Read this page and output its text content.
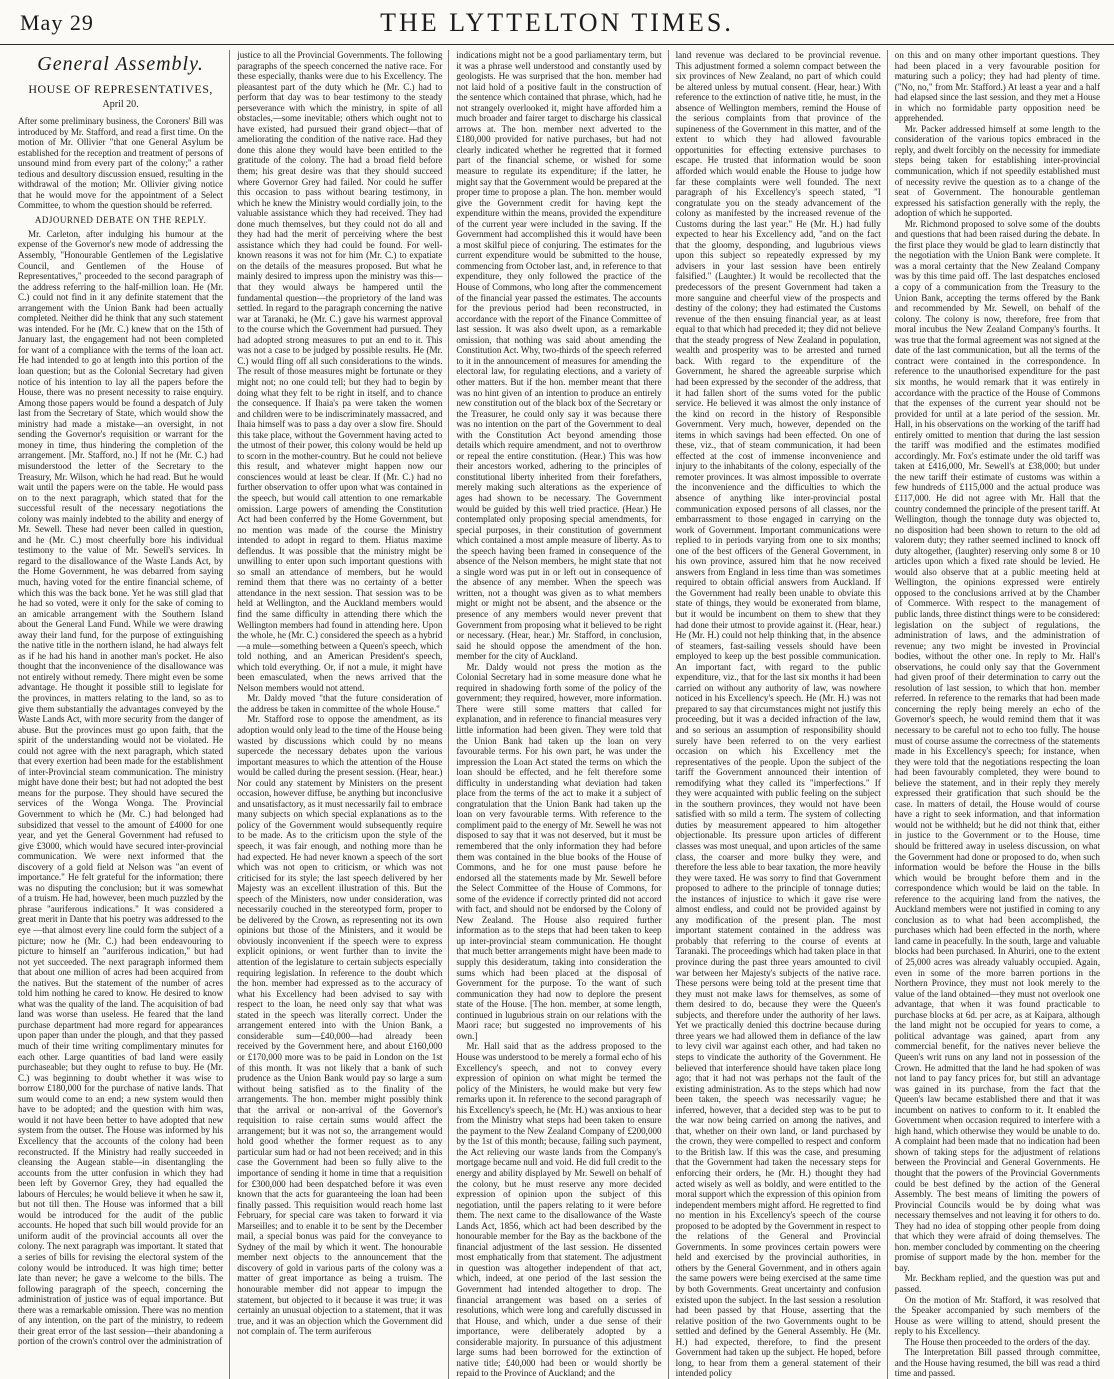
May 29	THE LYTTELTON TIMES.
General Assembly.
HOUSE OF REPRESENTATIVES,
April 20.

After some preliminary business, the Coroners' Bill was introduced by Mr. Stafford, and read a first time. On the motion of Mr. Ollivier "that one General Asylum be established for the reception and treatment of persons of unsound mind from every part of the colony;" a rather tedious and desultory discussion ensued, resulting in the withdrawal of the motion; Mr. Ollivier giving notice that he would move for the appointment of a Select Committee, to whom the question should be referred.

ADJOURNED DEBATE ON THE REPLY.

Mr. Carleton, after indulging his humour at the expense of the Governor's new mode of addressing the Assembly, "Honourable Gentlemen of the Legislative Council, and Gentlemen of the House of Representatives," proceeded to the second paragraph of the address referring to the half-million loan. He (Mr. C.) could not find in it any definite statement that the arrangement with the Union Bank had been actually completed. Neither did he think that any such statement was intended. For he (Mr. C.) knew that on the 15th of January last, the engagement had not been completed for want of a compliance with the terms of the loan act. He had intended to go at length into this portion of the loan question; but as the Colonial Secretary had given notice of his intention to lay all the papers before the House, there was no present necessity to raise enquiry. Among those papers would be found a despatch of July last from the Secretary of State, which would show the ministry had made a mistake—an oversight, in not sending the Governor's requisition or warrant for the money in time, thus hindering the completion of the arrangement. [Mr. Stafford, no.] If not he (Mr. C.) had misunderstood the letter of the Secretary to the Treasury, Mr. Wilson, which he had read. But he would wait until the papers were on the table. He would pass on to the next paragraph, which stated that for the successful result of the necessary negotiations the colony was mainly indebted to the ability and energy of Mr. Sewell. These had never been called in question, and he (Mr. C.) most cheerfully bore his individual testimony to the value of Mr. Sewell's services. In regard to the disallowance of the Waste Lands Act, by the Home Government, he was debarred from saying much, having voted for the entire financial scheme, of which this was the back bone. Yet he was still glad that he had so voted, were it only for the sake of coming to an amicable arrangement with the Southern Island about the General Land Fund. While we were drawing away their land fund, for the purpose of extinguishing the native title in the northern island, he had always felt as if he had his hand in another man's pocket. He also thought that the inconvenience of the disallowance was not entirely without remedy. There might even be some advantage. He thought it possible still to legislate for the provinces, in matters relating to the land, so as to give them substantially the advantages conveyed by the Waste Lands Act, with more security from the danger of abuse. But the provinces must go upon faith, that the spirit of the understanding would not be violated. He could not agree with the next paragraph, which stated that every exertion had been made for the establishment of inter-Provincial steam communication. The ministry might have done their best; but had not adopted the best means for the purpose. They should have secured the services of the Wonga Wonga. The Provincial Government to which he (Mr. C.) had belonged had subsidized that vessel to the amount of £4000 for one year, and yet the General Government had refused to give £3000, which would have secured inter-provincial communication. We were next informed that the discovery of a gold field at Nelson was "an event of importance." He felt grateful for the information; there was no disputing the conclusion; but it was somewhat of a truism. He had, however, been much puzzled by the phrase "auriferous indications." It was considered a great merit in Dante that his poetry was addressed to the eye —that almost every line could form the subject of a picture; now he (Mr. C.) had been endeavouring to picture to himself an "auriferous indication," but had not yet succeeded. The next paragraph informed them that about one million of acres had been acquired from the natives. But the statement of the number of acres told him nothing he cared to know. He desired to know what was the quality of the land. The acquisition of bad land was worse than useless. He feared that the land purchase department had more regard for appearances upon paper than under the plough, and that they passed much of their time writing complimentary minutes for each other. Large quantities of bad land were easily purchaseable; but they ought to refuse to buy. He (Mr. C.) was beginning to doubt whether it was wise to borrow £180,000 for the purchase of native lands. That sum would come to an end; a new system would then have to be adopted; and the question with him was, would it not have been better to have adopted that new system from the outset. The House was informed by his Excellency that the accounts of the colony had been reconstructed. If the Ministry had really succeeded in cleansing the Augean stable—in disentangling the accounts from the utter confusion in which they had been left by Governor Grey, they had equalled the labours of Hercules; he would believe it when he saw it, but not till then. The House was informed that a bill would be introduced for the audit of the public accounts. He hoped that such bill would provide for an uniform audit of the provincial accounts all over the colony. The next paragraph was important. It stated that a series of bills for revising the electoral system of the colony would be introduced. It was high time; better late than never; he gave a welcome to the bills. The following paragraph of the speech, concerning the administration of justice was of equal importance. But there was a remarkable omission. There was no mention of any intention, on the part of the ministry, to redeem their great error of the last session—their abandoning a portion of the crown's control over the administration of

justice to all the Provincial Governments. The following paragraphs of the speech concerned the native race. For these especially, thanks were due to his Excellency. The pleasantest part of the duty which he (Mr. C.) had to perform that day was to bear testimony to the steady perseverance with which the ministry, in spite of all obstacles,—some inevitable; others which ought not to have existed, had pursued their grand object—that of ameliorating the condition of the native race. Had they done this alone they would have been entitled to the gratitude of the colony. The had a broad field before them; his great desire was that they should succeed where Governor Grey had failed. Nor could he suffer this occasion to pass without bearing testimony, in which he knew the Ministry would cordially join, to the valuable assistance which they had received. They had done much themselves, but they could not do all and they had had the merit of perceiving where the best assistance which they had could be found. For well-known reasons it was not for him (Mr. C.) to expatiate on the details of the measures proposed. But what he mainly desired to impress upon the ministry was this—that they would always be hampered until the fundamental question—the proprietory of the land was settled. In regard to the paragraph concerning the native war at Taranaki, he (Mr. C.) gave his warmest approval to the course which the Government had pursued. They had adopted strong measures to put an end to it. This was not a case to be judged by possible results. He (Mr. C.) would fling off all such considerations to the winds. The result of those measures might be fortunate or they might not; no one could tell; but they had to begin by doing what they felt to be right in itself, and to chance the consequence. If Ihaia's pa were taken the women and children were to be indiscriminately massacred, and Ihaia himself was to pass a day over a slow fire. Should this take place, without the Government having acted to the utmost of their power, this colony would be held up to scorn in the mother-country. But he could not believe this result, and whatever might happen now our consciences would at least be clear. If (Mr. C.) had no further observation to offer upon what was contained in the speech, but would call attention to one remarkable omission. Large powers of amending the Constitution Act had been conferred by the Home Government, but no mention was made of the course the Ministry intended to adopt in regard to them. Hiatus maxime deflendus. It was possible that the ministry might be unwilling to enter upon such important questions with so small an attendance of members, but he would remind them that there was no certainty of a better attendance in the next session. That session was to be held at Wellington, and the Auckland members would find the same difficulty in attending there which the Wellington members had found in attending here. Upon the whole, he (Mr. C.) considered the speech as a hybrid—a mule—something between a Queen's speech, which told nothing, and an American President's speech, which told everything. Or, if not a mule, it might have been emasculated, when the news arrived that the Nelson members would not attend.

Mr. Daldy moved "that the future consideration of the address be taken in committee of the whole House."

Mr. Stafford rose to oppose the amendment, as its adoption would only lead to the time of the House being wasted by discussions which could by no means supercede the necessary debates upon the various important measures to which the attention of the House would be called during the present session. (Hear, hear.) Nor could any statement by Ministers on the present occasion, however diffuse, be anything but inconclusive and unsatisfactory, as it must necessarily fail to embrace many subjects on which special explanations as to the policy of the Government would subsequently require to be made. As to the criticism upon the style of the speech, it was fair enough, and nothing more than he had expected. He had never known a speech of the sort which was not open to criticism, or which was not criticised for its style; the last speech delivered by her Majesty was an excellent illustration of this. But the speech of the Ministers, now under consideration, was necessarily couched in the stereotyped form, proper to be delivered by the Crown, as representing not its own opinions but those of the Ministers, and it would be obviously inconvenient if the speech were to express explicit opinions, or went further than to invite the attention of the legislature to certain subjects especially requiring legislation. In reference to the doubt which the hon. member had expressed as to the accuracy of what his Excellency had been advised to say with respect to the loan, he need only say that what was stated in the speech was literally correct. Under the arrangement entered into with the Union Bank, a considerable sum—£40,000—had already been received by the Government here, and about £160,000 or £170,000 more was to be paid in London on the 1st of this month. It was not likely that a bank of such prudence as the Union Bank would pay so large a sum without being satisfied as to the finality of the arrangements. The hon. member might possibly think that the arrival or non-arrival of the Governor's requisition to raise certain sums would affect the arrangement; but it was not so, the arrangement would hold good whether the former request as to any particular sum had or had not been received; and in this case the Government had been so fully alive to the importance of sending it home in time that a requisition for £300,000 had been despatched before it was even known that the acts for guaranteeing the loan had been finally passed. This requisition would reach home last February, for special care was taken to forward it via Marseilles; and to enable it to be sent by the December mail, a special bonus was paid for the conveyance to Sydney of the mail by which it went. The honourable member next objects to the announcement that the discovery of gold in various parts of the colony was a matter of great importance as being a truism. The honourable member did not appear to impugn the statement, but objected to it because it was true; it was certainly an unusual objection to a statement, that it was true, and it was an objection which the Government did not complain of. The term auriferous

indications might not be a good parliamentary term, but it was a phrase well understood and constantly used by geologists. He was surprised that the hon. member had not laid hold of a positive fault in the construction of the sentence which contained that phrase, which, had he not strangely overlooked it, might have afforded him a much broader and fairer target to discharge his classical arrows at. The hon. member next adverted to the £180,000 provided for native purchases, but had not clearly indicated whether he regretted that it formed part of the financial scheme, or wished for some measure to regulate its expenditure; if the latter, he might say that the Government would be prepared at the proper time to propose a plan. The hon. member would give the Government credit for having kept the expenditure within the means, provided the expenditure of the current year were included in the saving. If the Government had accomplished this it would have been a most skilful piece of conjuring. The estimates for the current expenditure would be submitted to the house, commencing from October last, and, in reference to that expenditure, they only followed the practice of the House of Commons, who long after the commencement of the financial year passed the estimates. The accounts for the previous period had been reconstructed, in accordance with the report of the Finance Committee of last session. It was also dwelt upon, as a remarkable omission, that nothing was said about amending the Constitution Act. Why, two-thirds of the speech referred to it in the announcement of measures for amending the electoral law, for regulating elections, and a variety of other matters. But if the hon. member meant that there was no hint given of an intention to produce an entirely new constitution out of the black box of the Secretary or the Treasurer, he could only say it was because there was no intention on the part of the Government to deal with the Constitution Act beyond amending those details which require amendment, and not to overthrow or repeal the entire constitution. (Hear.) This was how their ancestors worked, adhering to the principles of constitutional liberty inherited from their forefathers, merely making such alterations as the experience of ages had shown to be necessary. The Government would be guided by this well tried practice. (Hear.) He contemplated only proposing special amendments, for special purposes, in their constitution of government which contained a most ample measure of liberty. As to the speech having been framed in consequence of the absence of the Nelson members, he might state that not a single word was put in or left out in consequence of the absence of any member. When the speech was written, not a thought was given as to what members might or might not be absent, and the absence or the presence of any members would never prevent that Government from proposing what it believed to be right or necessary. (Hear, hear.) Mr. Stafford, in conclusion, said he should oppose the amendment of the hon. member for the city of Auckland.

Mr. Daldy would not press the motion as the Colonial Secretary had in some measure done what he required in shadowing forth some of the policy of the government; they required, however, more information. There were still some matters that called for explanation, and in reference to financial measures very little information had been given. They were told that the Union Bank had taken up the loan on very favourable terms. For his own part, he was under the impression the Loan Act stated the terms on which the loan should be effected, and he felt therefore some difficulty in understanding what deviation had taken place from the terms of the act to make it a subject of congratulation that the Union Bank had taken up the loan on very favourable terms. With reference to the compliment paid to the energy of Mr. Sewell he was not disposed to say that it was not deserved, but it must be remembered that the only information they had before them was contained in the blue books of the House of Commons, and he for one must pause before he endorsed all the statements made by Mr. Sewell before the Select Committee of the House of Commons, for some of the evidence if correctly printed did not accord with fact, and should not be endorsed by the Colony of New Zealand. The House also required further information as to the steps that had been taken to keep up inter-provincial steam communication. He thought that much better arrangements might have been made to supply this desideratum, taking into consideration the sums which had been placed at the disposal of Government for the purpose. To the want of such communication they had now to deplore the present state of the House. [The hon. member, at some length, continued in lugubrious strain on our relations with the Maori race; but suggested no improvements of his own.]

Mr. Hall said that as the address proposed to the House was understood to be merely a formal echo of his Excellency's speech, and not to convey every expression of opinion on what might be termed the policy of the Ministers, he would make but very few remarks upon it. In reference to the second paragraph of his Excellency's speech, he (Mr. H.) was anxious to hear from the Ministry what steps had been taken to ensure the payment to the New Zealand Company of £200,000 by the 1st of this month; because, failing such payment, the Act relieving our waste lands from the Company's mortgage became null and void. He did full credit to the energy and ability displayed by Mr. Sewell on behalf of the colony, but he must reserve any more decided expression of opinion upon the subject of this negotiation, until the papers relating to it were before them. The next came to the disallowance of the Waste Lands Act, 1856, which act had been described by the honourable member for the Bay as the backbone of the financial adjustment of the last session. He dissented most emphatically from that statement. The adjustment in question was altogether independent of that act, which, indeed, at one period of the last session the Government had intended altogether to drop. The financial arrangement was based on a series of resolutions, which were long and carefully discussed in that House, and which, under a due sense of their importance, were deliberately adopted by a considerable majority. In pursuance of this adjustment large sums had been borrowed for the extinction of native title; £40,000 had been or would shortly be repaid to the Province of Auckland; and the

land revenue was declared to be provincial revenue. This adjustment formed a solemn compact between the six provinces of New Zealand, no part of which could be altered unless by mutual consent. (Hear, hear.) With reference to the extinction of native title, he must, in the absence of Wellington members, remind the House of the serious complaints from that province of the supineness of the Government in this matter, and of the extent to which they had allowed favourable opportunities for effecting extensive purchases to escape. He trusted that information would be soon afforded which would enable the House to judge how far these complaints were well founded. The next paragraph of his Excellency's speech stated, "I congratulate you on the steady advancement of the colony as manifested by the increased revenue of the Customs during the last year." He (Mr. H.) had fully expected to hear his Excellency add, "and on the fact that the gloomy, desponding, and lugubrious views upon this subject so repeatedly expressed by my advisers in your last session have been entirely falsified." (Laughter.) It would be recollected that the predecessors of the present Government had taken a more sanguine and cheerful view of the prospects and destiny of the colony; they had estimated the Customs revenue of the then ensuing financial year, as at least equal to that which had preceded it; they did not believe that the steady progress of New Zealand in population, wealth and prosperity was to be arrested and turned back. With regard to the expenditure of the Government, he shared the agreeable surprise which had been expressed by the seconder of the address, that it had fallen short of the sums voted for the public service. He believed it was almost the only instance of the kind on record in the history of Responsible Government. Very much, however, depended on the items in which savings had been effected. On one of these, viz., that of steam communication, it had been effected at the cost of immense inconvenience and injury to the inhabitants of the colony, especially of the remoter provinces. It was almost impossible to overrate the inconvenience and the difficulties to which the absence of anything like inter-provincial postal communication exposed persons of all classes, nor the embarrassment to those engaged in carrying on the work of Government. Important communications were replied to in periods varying from one to six months; one of the best officers of the General Government, in his own province, assured him that he now received answers from England in less time than was sometimes required to obtain official answers from Auckland. If the Government had really been unable to obviate this state of things, they would be exonerated from blame, but it would be incumbent on them to shew that they had done their utmost to provide against it. (Hear, hear.) He (Mr. H.) could not help thinking that, in the absence of steamers, fast-sailing vessels should have been employed to keep up the best possible communication. An important fact, with regard to the public expenditure, viz., that for the last six months it had been carried on without any authority of law, was nowhere noticed in his Excellency's speech. He (Mr. H.) was not prepared to say that circumstances might not justify this proceeding, but it was a decided infraction of the law, and so serious an assumption of responsibility should surely have been referred to on the very earliest occasion on which his Excellency met the representatives of the people. Upon the subject of the tariff the Government announced their intention of remodifying what they called its "imperfections." If they were acquainted with public feeling on the subject in the southern provinces, they would not have been satisfied with so mild a term. The system of collecting duties by measurement appeared to him altogether objectionable. Its pressure upon articles of different classes was most unequal, and upon articles of the same class, the coarser and more bulky they were, and therefore the less able to bear taxation, the more heavily they were taxed. He was sorry to find that Government proposed to adhere to the principle of tonnage duties; the instances of injustice to which it gave rise were almost endless, and could not be provided against by any modification of the present plan. The most important statement contained in the address was probably that referring to the course of events at Taranaki. The proceedings which had taken place in that province during the past three years amounted to civil war between her Majesty's subjects of the native race. These persons were being told at the present time that they must not make laws for themselves, as some of them desired to do, because they were the Queen's subjects, and therefore under the authority of her laws. Yet we practically denied this doctrine because during three years we had allowed them in defiance of the law to levy civil war against each other, and had taken no steps to vindicate the authority of the Government. He believed that interference should have taken place long ago; that it had not was perhaps not the fault of the existing administration. As to the steps which had now been taken, the speech was necessarily vague; he inferred, however, that a decided step was to be put to the war now being carried on among the natives, and that, whether on their own land, or land purchased by the crown, they were compelled to respect and conform to the British law. If this was the case, and presuming that the Government had taken the necessary steps for enforcing their orders, he (Mr. H.) thought they had acted wisely as well as boldly, and were entitled to the moral support which the expression of this opinion from independent members might afford. He regretted to find no mention in his Excellency's speech of the course proposed to be adopted by the Government in respect to the relations of the General and Provincial Governments. In some provinces certain powers were held and exercised by the provincial authorities, in others by the General Government, and in others again the same powers were being exercised at the same time by both Governments. Great uncertainty and confusion existed upon the subject. In the last session a resolution had been passed by that House, asserting that the relative position of the two Governments ought to be settled and defined by the General Assembly. He (Mr. H.) had expected, therefore, to find the present Government had taken up the subject. He hoped, before long, to hear from them a general statement of their intended policy

on this and on many other important questions. They had been placed in a very favourable position for maturing such a policy; they had had plenty of time. ("No, no," from Mr. Stafford.) At least a year and a half had elapsed since the last session, and they met a House in which no formidable party opposition need be apprehended.

Mr. Packer addressed himself at some length to the consideration of the various topics embraced in the reply, and dwelt forcibly on the necessity for immediate steps being taken for establishing inter-provincial communication, which if not speedily established must of necessity revive the question as to a change of the seat of Government. The honourable gentleman expressed his satisfaction generally with the reply, the adoption of which he supported.

Mr. Richmond proposed to solve some of the doubts and questions that had been raised during the debate. In the first place they would be glad to learn distinctly that the negotiation with the Union Bank were complete. It was a moral certainty that the New Zealand Company was by this time paid off. The last despatches enclosed a copy of a communication from the Treasury to the Union Bank, accepting the terms offered by the Bank and recommended by Mr. Sewell, on behalf of the colony. The colony is now, therefore, free from that moral incubus the New Zealand Company's fourths. It was true that the formal agreement was not signed at the date of the last communication, but all the terms of the contract were contained in the correspondence. In reference to the unauthorised expenditure for the past six months, he would remark that it was entirely in accordance with the practice of the House of Commons that the expenses of the current year should not be provided for until at a late period of the session. Mr. Hall, in his observations on the working of the tariff had entirely omitted to mention that during the last session the tariff was modified and the estimates modified accordingly. Mr. Fox's estimate under the old tariff was taken at £416,000, Mr. Sewell's at £38,000; but under the new tariff their estimate of customs was within a few hundreds of £115,000 and the actual produce was £117,000. He did not agree with Mr. Hall that the country condemned the principle of the present tariff. At Wellington, though the tonnage duty was objected to, no disposition had been shown to return to the old ad valorem duty; they rather seemed inclined to knock off duty altogether, (laughter) reserving only some 8 or 10 articles upon which a fixed rate should be levied. He would also observe that at a public meeting held at Wellington, the opinions expressed were entirely opposed to the conclusions arrived at by the Chamber of Commerce. With respect to the management of public lands, three distinct things were to be considered: legislation on the subject of regulations, the administration of laws, and the administration of revenue; any two might be invested in Provincial bodies, without the other one. In reply to Mr. Hall's observations, he could only say that the Government had given proof of their determination to carry out the resolution of last session, to which that hon. member referred. In reference to the remarks that had been made concerning the reply being merely an echo of the Governor's speech, he would remind them that it was necessary to be careful not to echo too fully. The house must of course assume the correctness of the statements made in his Excellency's speech; for instance, when they were told that the negotiations respecting the loan had been favourably completed, they were bound to believe the statement, and in their reply they merely expressed their gratification that such should be the case. In matters of detail, the House would of course have a right to seek information, and that information would not be withheld; but he did not think that, either in justice to the Government or to the House, time should be frittered away in useless discussion, on what the Government had done or proposed to do, when such information would be before the House in the bills which would be brought before them and in the correspondence which would be laid on the table. In reference to the acquiring land from the natives, the Auckland members were not justified in coming to any conclusion as to what had been accomplished, the purchases which had been effected in the north, where land came in peacefully. In the south, large and valuable blocks had been purchased. In Ahuriri, one to the extent of 25,000 acres was already valuably occupied. Again, even in some of the more barren portions in the Northern Province, they must not look merely to the value of the land obtained—they must not overlook one advantage, that when it was found practicable to purchase blocks at 6d. per acre, as at Kaipara, although the land might not be occupied for years to come, a political advantage was gained, apart from any commercial benefit, for the natives never believe the Queen's writ runs on any land not in possession of the Crown. He admitted that the land he had spoken of was not land to pay fancy prices for, but still an advantage was gained in its purchase, from the fact that the Queen's law became established there and that it was incumbent on natives to conform to it. It enabled the Government when occasion required to interfere with a high hand, which otherwise they would be unable to do. A complaint had been made that no indication had been shown of taking steps for the adjustment of relations between the Provincial and General Governments. He thought that the powers of the Provincial Governments could be best defined by the action of the General Assembly. The best means of limiting the powers of Provincial Councils would be by doing what was necessary themselves and not leaving it for others to do. They had no idea of stopping other people from doing that which they were afraid of doing themselves. The hon. member concluded by commenting on the cheering promise of support made by the hon. member for the bay.

Mr. Beckham replied, and the question was put and passed.

On the motion of Mr. Stafford, it was resolved that the Speaker accompanied by such members of the House as were willing to attend, should present the reply to his Excellency.

The House then proceeded to the orders of the day.

The Interpretation Bill passed through committee, and the House having resumed, the bill was read a third time and passed.
